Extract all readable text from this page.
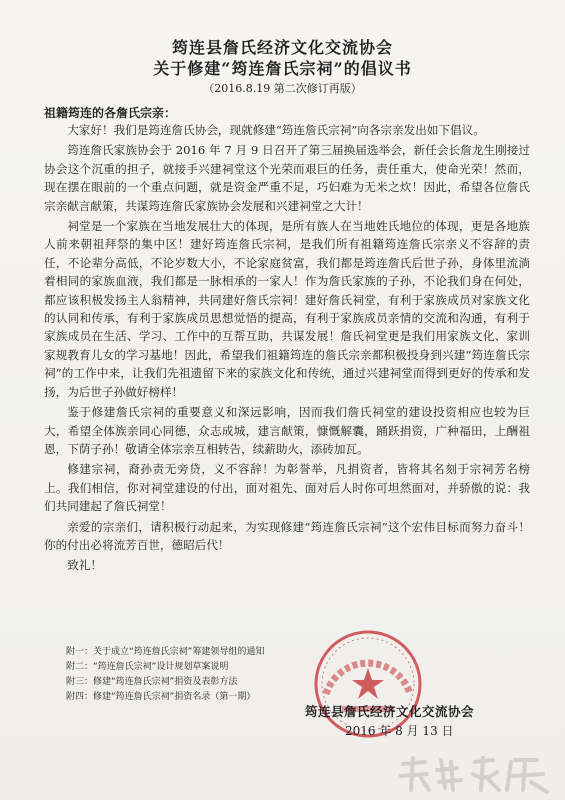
筠连县詹氏经济文化交流协会
关于修建“筠连詹氏宗祠”的倡议书
（2016.8.19 第二次修订再版）
祖籍筠连的各詹氏宗亲：

大家好！我们是筠连詹氏协会，现就修建“筠连詹氏宗祠”向各宗亲发出如下倡议。

筠连詹氏家族协会于 2016 年 7 月 9 日召开了第三届换届选举会，新任会长詹龙生刚接过协会这个沉重的担子，就接手兴建祠堂这个光荣而艰巨的任务，责任重大，使命光荣！然而，现在摆在眼前的一个重点问题，就是资金严重不足，巧妇难为无米之炊！因此，希望各位詹氏宗亲献言献策，共谋筠连詹氏家族协会发展和兴建祠堂之大计！

祠堂是一个家族在当地发展壮大的体现，是所有族人在当地姓氏地位的体现，更是各地族人前来朝祖拜祭的集中区！建好筠连詹氏宗祠，是我们所有祖籍筠连詹氏宗亲义不容辞的责任，不论辈分高低，不论岁数大小，不论家庭贫富，我们都是筠连詹氏后世子孙，身体里流淌着相同的家族血液，我们都是一脉相承的一家人！作为詹氏家族的子孙，不论我们身在何处，都应该积极发扬主人翁精神，共同建好詹氏宗祠！建好詹氏祠堂，有利于家族成员对家族文化的认同和传承，有利于家族成员思想觉悟的提高，有利于家族成员亲情的交流和沟通，有利于家族成员在生活、学习、工作中的互帮互助，共谋发展！詹氏祠堂更是我们用家族文化、家训家规教育儿女的学习基地！因此，希望我们祖籍筠连的詹氏宗亲都积极投身到兴建“筠连詹氏宗祠”的工作中来，让我们先祖遗留下来的家族文化和传统，通过兴建祠堂而得到更好的传承和发扬，为后世子孙做好榜样！

鉴于修建詹氏宗祠的重要意义和深远影响，因而我们詹氏祠堂的建设投资相应也较为巨大，希望全体族亲同心同德，众志成城，建言献策，慷慨解囊，踊跃捐资，广种福田，上酬祖恩，下荫子孙！敬请全体宗亲互相转告，续薪助火，添砖加瓦。

修建宗祠，裔孙责无旁贷，义不容辞！为彰誉举，凡捐资者，皆将其名刻于宗祠芳名榜上。我们相信，你对祠堂建设的付出，面对祖先、面对后人时你可坦然面对，并骄傲的说：我们共同建起了詹氏祠堂！

亲爱的宗亲们，请积极行动起来，为实现修建“筠连詹氏宗祠”这个宏伟目标而努力奋斗！你的付出必将流芳百世，德昭后代！

致礼！

附一：关于成立“筠连詹氏宗祠”筹建领导组的通知
附二：“筠连詹氏宗祠”设计规划草案说明
附三：修建“筠连詹氏宗祠”捐资及表彰方法
附四：修建“筠连詹氏宗祠”捐资名录（第一期）
筠连县詹氏经济文化交流协会
2016 年 8 月 13 日
